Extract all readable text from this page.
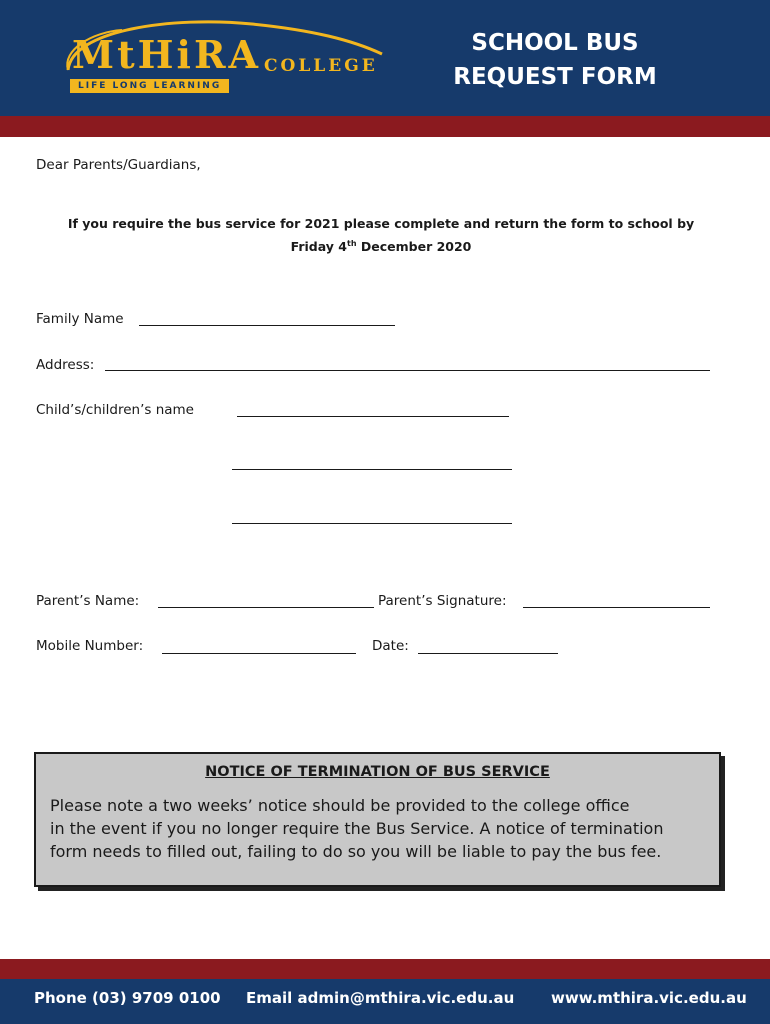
MtHiRA COLLEGE
LIFE LONG LEARNING
SCHOOL BUS
REQUEST FORM
Dear Parents/Guardians,
If you require the bus service for 2021 please complete and return the form to school by
Friday 4th December 2020
Family Name
Address:
Child’s/children’s name
Parent’s Name:	Parent’s Signature:
Mobile Number:	Date:
NOTICE OF TERMINATION OF BUS SERVICE
Please note a two weeks’ notice should be provided to the college office
in the event if you no longer require the Bus Service. A notice of termination
form needs to filled out, failing to do so you will be liable to pay the bus fee.
Phone (03) 9709 0100 Email admin@mthira.vic.edu.au www.mthira.vic.edu.au
